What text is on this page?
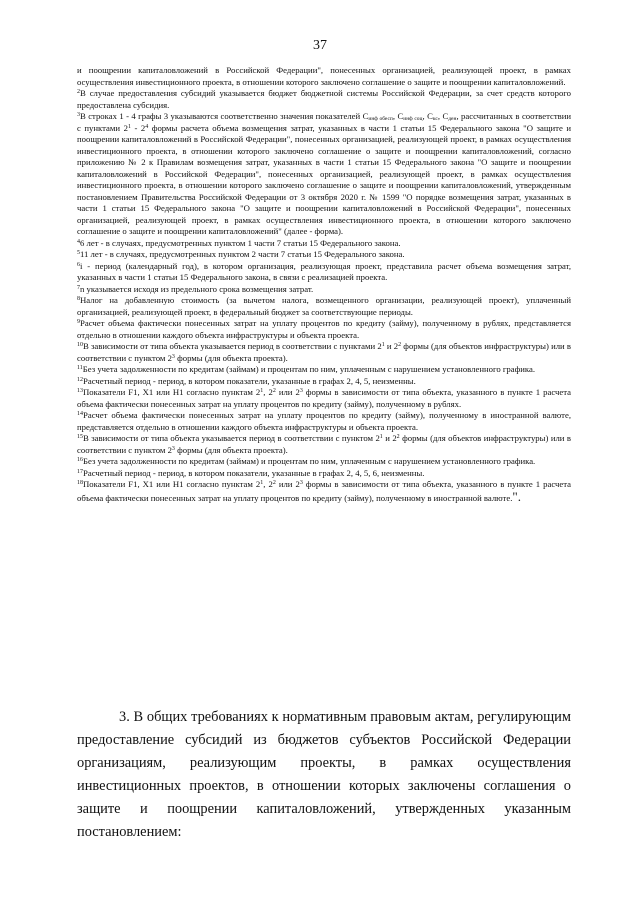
37

и поощрении капиталовложений в Российской Федерации", понесенных организацией, реализующей проект, в рамках осуществления инвестиционного проекта, в отношении которого заключено соглашение о защите и поощрении капиталовложений.

$^2$В случае предоставления субсидий указывается бюджет бюджетной системы Российской Федерации, за счет средств которого предоставлена субсидия.

$^3$В строках 1 - 4 графы 3 указываются соответственно значения показателей $C_{инф обесп}$, $C_{инф соц}$, $C_{кс}$, $C_{ден}$, рассчитанных в соответствии с пунктами $2^1 - 2^4$ формы расчета объема возмещения затрат, указанных в части 1 статьи 15 Федерального закона "О защите и поощрении капиталовложений в Российской Федерации", понесенных организацией, реализующей проект, в рамках осуществления инвестиционного проекта, в отношении которого заключено соглашение о защите и поощрении капиталовложений, согласно приложению № 2 к Правилам возмещения затрат, указанных в части 1 статьи 15 Федерального закона "О защите и поощрении капиталовложений в Российской Федерации", понесенных организацией, реализующей проект, в рамках осуществления инвестиционного проекта, в отношении которого заключено соглашение о защите и поощрении капиталовложений, утвержденным постановлением Правительства Российской Федерации от 3 октября 2020 г. № 1599 "О порядке возмещения затрат, указанных в части 1 статьи 15 Федерального закона "О защите и поощрении капиталовложений в Российской Федерации", понесенных организацией, реализующей проект, в рамках осуществления инвестиционного проекта, в отношении которого заключено соглашение о защите и поощрении капиталовложений" (далее - форма).

$^4$6 лет - в случаях, предусмотренных пунктом 1 части 7 статьи 15 Федерального закона.

$^5$11 лет - в случаях, предусмотренных пунктом 2 части 7 статьи 15 Федерального закона.

$^6$i - период (календарный год), в котором организация, реализующая проект, представила расчет объема возмещения затрат, указанных в части 1 статьи 15 Федерального закона, в связи с реализацией проекта.

$^7$n указывается исходя из предельного срока возмещения затрат.

$^8$Налог на добавленную стоимость (за вычетом налога, возмещенного организации, реализующей проект), уплаченный организацией, реализующей проект, в федеральный бюджет за соответствующие периоды.

$^9$Расчет объема фактически понесенных затрат на уплату процентов по кредиту (займу), полученному в рублях, представляется отдельно в отношении каждого объекта инфраструктуры и объекта проекта.

$^{10}$В зависимости от типа объекта указывается период в соответствии с пунктами $2^1$ и $2^2$ формы (для объектов инфраструктуры) или в соответствии с пунктом $2^3$ формы (для объекта проекта).

$^{11}$Без учета задолженности по кредитам (займам) и процентам по ним, уплаченным с нарушением установленного графика.

$^{12}$Расчетный период - период, в котором показатели, указанные в графах 2, 4, 5, неизменны.

$^{13}$Показатели F1, X1 или H1 согласно пунктам $2^1$, $2^2$ или $2^3$ формы в зависимости от типа объекта, указанного в пункте 1 расчета объема фактически понесенных затрат на уплату процентов по кредиту (займу), полученному в рублях.

$^{14}$Расчет объема фактически понесенных затрат на уплату процентов по кредиту (займу), полученному в иностранной валюте, представляется отдельно в отношении каждого объекта инфраструктуры и объекта проекта.

$^{15}$В зависимости от типа объекта указывается период в соответствии с пунктом $2^1$ и $2^2$ формы (для объектов инфраструктуры) или в соответствии с пунктом $2^3$ формы (для объекта проекта).

$^{16}$Без учета задолженности по кредитам (займам) и процентам по ним, уплаченным с нарушением установленного графика.

$^{17}$Расчетный период - период, в котором показатели, указанные в графах 2, 4, 5, 6, неизменны.

$^{18}$Показатели F1, X1 или H1 согласно пунктам $2^1$, $2^2$ или $2^3$ формы в зависимости от типа объекта, указанного в пункте 1 расчета объема фактически понесенных затрат на уплату процентов по кредиту (займу), полученному в иностранной валюте.".

3. В общих требованиях к нормативным правовым актам, регулирующим предоставление субсидий из бюджетов субъектов Российской Федерации организациям, реализующим проекты, в рамках осуществления инвестиционных проектов, в отношении которых заключены соглашения о защите и поощрении капиталовложений, утвержденных указанным постановлением:
